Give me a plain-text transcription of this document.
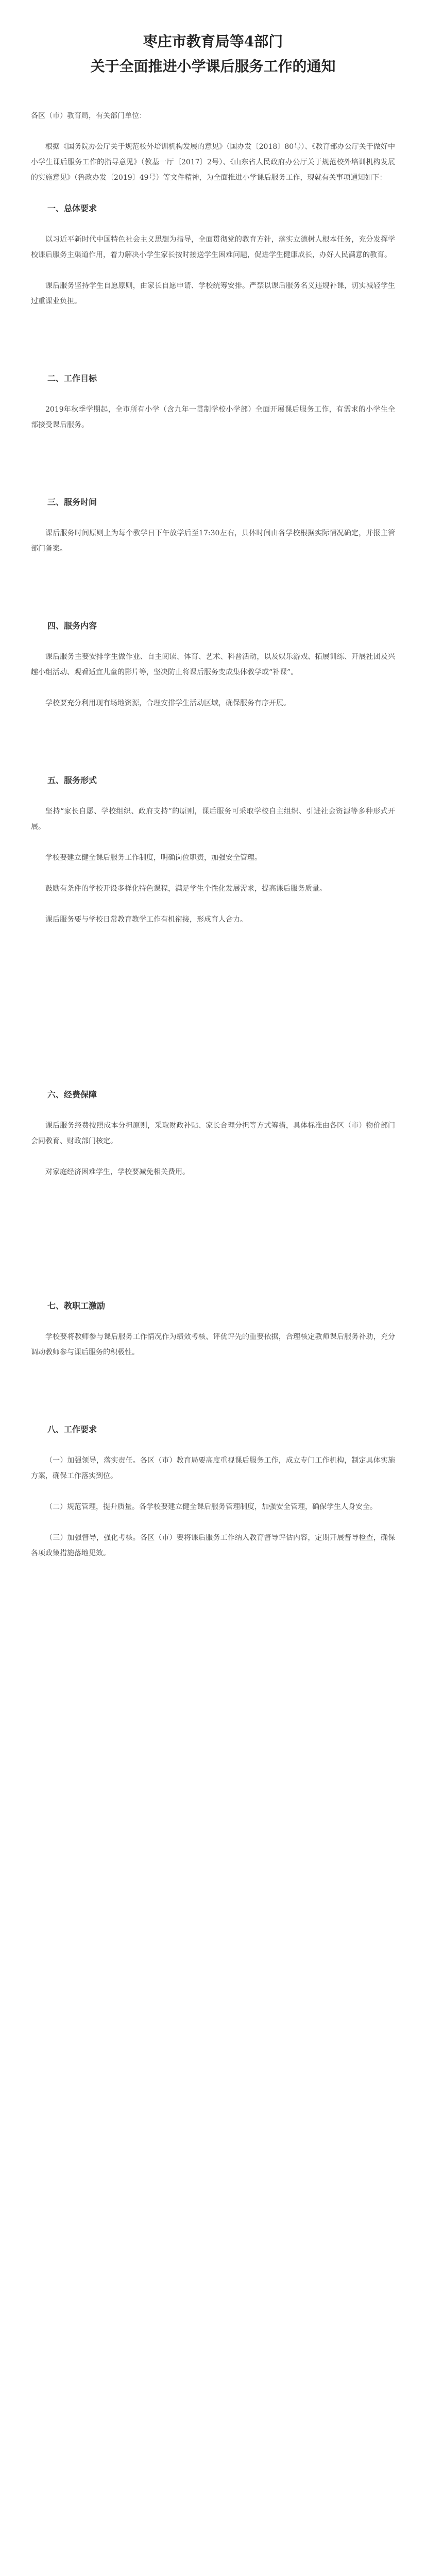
枣庄市教育局等4部门
关于全面推进小学课后服务工作的通知

各区（市）教育局，有关部门单位：

根据《国务院办公厅关于规范校外培训机构发展的意见》（国办发〔2018〕80号）、《教育部办公厅关于做好中小学生课后服务工作的指导意见》（教基一厅〔2017〕2号）、《山东省人民政府办公厅关于规范校外培训机构发展的实施意见》（鲁政办发〔2019〕49号）等文件精神，为全面推进小学课后服务工作，现就有关事项通知如下：

一、总体要求

以习近平新时代中国特色社会主义思想为指导，全面贯彻党的教育方针，落实立德树人根本任务，充分发挥学校课后服务主渠道作用，着力解决小学生家长按时接送学生困难问题，促进学生健康成长，办好人民满意的教育。

课后服务坚持学生自愿原则，由家长自愿申请、学校统筹安排。严禁以课后服务名义违规补课，切实减轻学生过重课业负担。

二、工作目标

2019年秋季学期起，全市所有小学（含九年一贯制学校小学部）全面开展课后服务工作，有需求的小学生全部接受课后服务。

三、服务时间

课后服务时间原则上为每个教学日下午放学后至17:30左右，具体时间由各学校根据实际情况确定，并报主管部门备案。

四、服务内容

课后服务主要安排学生做作业、自主阅读、体育、艺术、科普活动，以及娱乐游戏、拓展训练、开展社团及兴趣小组活动、观看适宜儿童的影片等，坚决防止将课后服务变成集体教学或“补课”。

学校要充分利用现有场地资源，合理安排学生活动区域，确保服务有序开展。

五、服务形式

坚持“家长自愿、学校组织、政府支持”的原则，课后服务可采取学校自主组织、引进社会资源等多种形式开展。

学校要建立健全课后服务工作制度，明确岗位职责，加强安全管理。

鼓励有条件的学校开设多样化特色课程，满足学生个性化发展需求，提高课后服务质量。

课后服务要与学校日常教育教学工作有机衔接，形成育人合力。

六、经费保障

课后服务经费按照成本分担原则，采取财政补贴、家长合理分担等方式筹措，具体标准由各区（市）物价部门会同教育、财政部门核定。

对家庭经济困难学生，学校要减免相关费用。

七、教职工激励

学校要将教师参与课后服务工作情况作为绩效考核、评优评先的重要依据，合理核定教师课后服务补助，充分调动教师参与课后服务的积极性。

八、工作要求

（一）加强领导，落实责任。各区（市）教育局要高度重视课后服务工作，成立专门工作机构，制定具体实施方案，确保工作落实到位。

（二）规范管理，提升质量。各学校要建立健全课后服务管理制度，加强安全管理，确保学生人身安全。

（三）加强督导，强化考核。各区（市）要将课后服务工作纳入教育督导评估内容，定期开展督导检查，确保各项政策措施落地见效。
